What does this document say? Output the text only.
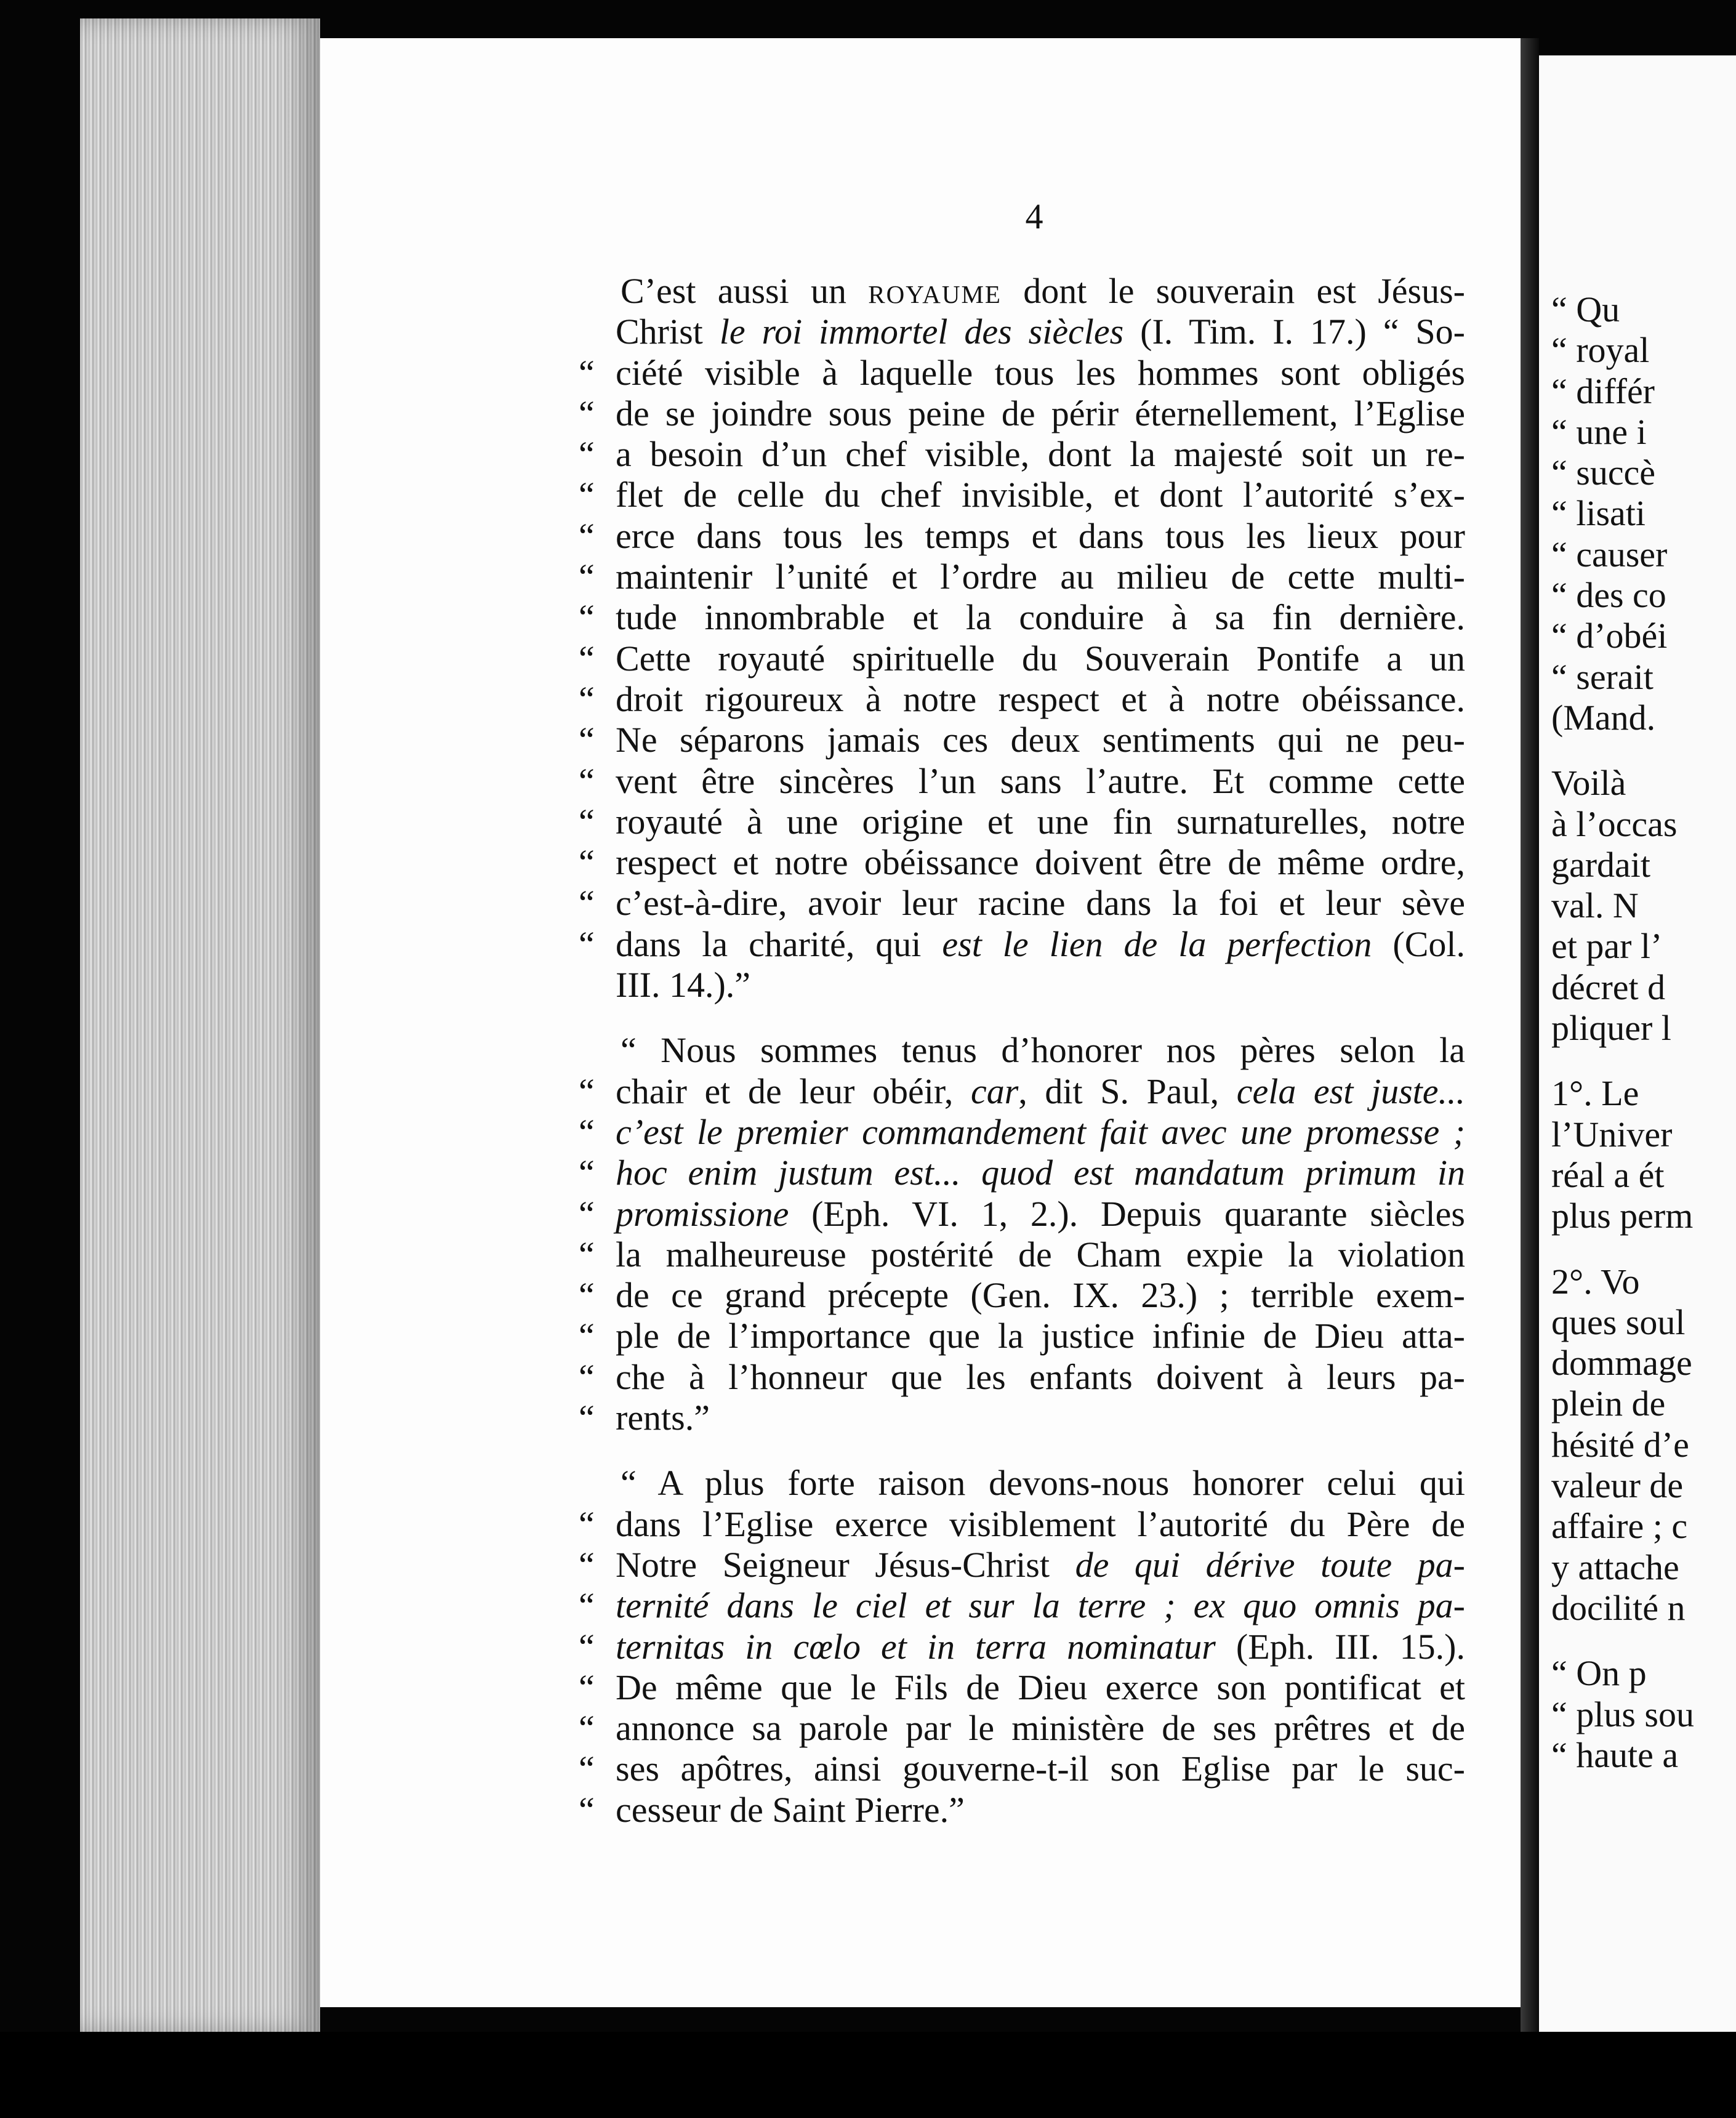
4
C’est aussi un royaume dont le souverain est Jésus-
Christ le roi immortel des siècles (I. Tim. I. 17.) “ So-
“ ciété visible à laquelle tous les hommes sont obligés
“ de se joindre sous peine de périr éternellement, l’Eglise
“ a besoin d’un chef visible, dont la majesté soit un re-
“ flet de celle du chef invisible, et dont l’autorité s’ex-
“ erce dans tous les temps et dans tous les lieux pour
“ maintenir l’unité et l’ordre au milieu de cette multi-
“ tude innombrable et la conduire à sa fin dernière.
“ Cette royauté spirituelle du Souverain Pontife a un
“ droit rigoureux à notre respect et à notre obéissance.
“ Ne séparons jamais ces deux sentiments qui ne peu-
“ vent être sincères l’un sans l’autre. Et comme cette
“ royauté à une origine et une fin surnaturelles, notre
“ respect et notre obéissance doivent être de même ordre,
“ c’est-à-dire, avoir leur racine dans la foi et leur sève
“ dans la charité, qui est le lien de la perfection (Col.
III. 14.).”
“ Nous sommes tenus d’honorer nos pères selon la
“ chair et de leur obéir, car, dit S. Paul, cela est juste...
“ c’est le premier commandement fait avec une promesse ;
“ hoc enim justum est... quod est mandatum primum in
“ promissione (Eph. VI. 1, 2.). Depuis quarante siècles
“ la malheureuse postérité de Cham expie la violation
“ de ce grand précepte (Gen. IX. 23.) ; terrible exem-
“ ple de l’importance que la justice infinie de Dieu atta-
“ che à l’honneur que les enfants doivent à leurs pa-
“ rents.”
“ A plus forte raison devons-nous honorer celui qui
“ dans l’Eglise exerce visiblement l’autorité du Père de
“ Notre Seigneur Jésus-Christ de qui dérive toute pa-
“ ternité dans le ciel et sur la terre ; ex quo omnis pa-
“ ternitas in cœlo et in terra nominatur (Eph. III. 15.).
“ De même que le Fils de Dieu exerce son pontificat et
“ annonce sa parole par le ministère de ses prêtres et de
“ ses apôtres, ainsi gouverne-t-il son Eglise par le suc-
“ cesseur de Saint Pierre.”
“ Qu
“ royal
“ différ
“ une i
“ succè
“ lisati
“ causer
“ des co
“ d’obéi
“ serait
(Mand.
Voilà
à l’occas
gardait
val. N
et par l’
décret d
pliquer l
1°. Le
l’Univer
réal a ét
plus perm
2°. Vo
ques soul
dommage
plein de
hésité d’e
valeur de
affaire ; c
y attache
docilité n
“ On p
“ plus sou
“ haute a
